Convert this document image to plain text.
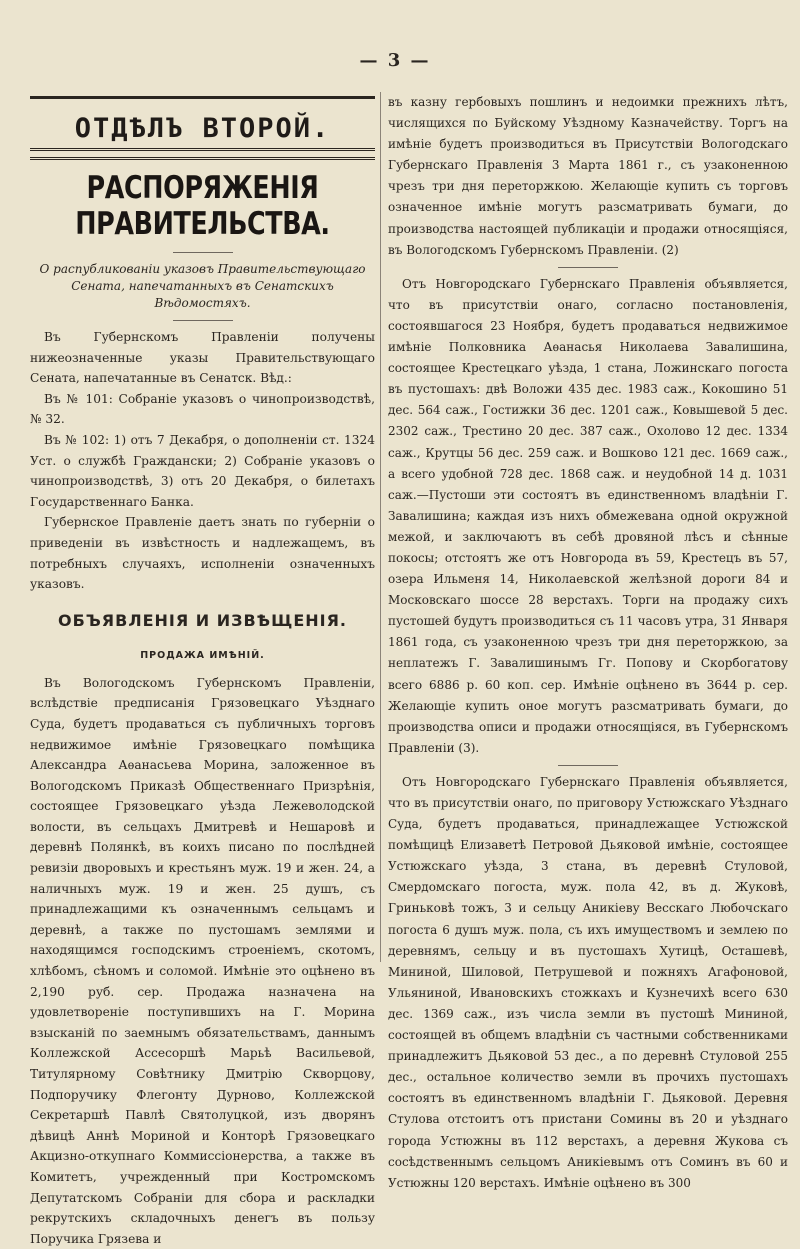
— 3 —
ОТДѢЛЪ ВТОРОЙ.
РАСПОРЯЖЕНІЯ ПРАВИТЕЛЬСТВА.
О распубликованіи указовъ Правительствующаго Сената, напечатанныхъ въ Сенатскихъ Вѣдомостяхъ.

Въ Губернскомъ Правленіи получены нижеозначенные указы Правительствующаго Сената, напечатанные въ Сенатск. Вѣд.:

Въ № 101: Собраніе указовъ о чинопроизводствѣ, № 32.

Въ № 102: 1) отъ 7 Декабря, о дополненіи ст. 1324 Уст. о службѣ Граждански; 2) Собраніе указовъ о чинопроизводствѣ, 3) отъ 20 Декабря, о билетахъ Государственнаго Банка.

Губернское Правленіе даетъ знать по губерніи о приведеніи въ извѣстность и надлежащемъ, въ потребныхъ случаяхъ, исполненіи означенныхъ указовъ.

ОБЪЯВЛЕНІЯ И ИЗВѢЩЕНІЯ.
ПРОДАЖА ИМѢНІЙ.

Въ Вологодскомъ Губернскомъ Правленіи, вслѣдствіе предписанія Грязовецкаго Уѣзднаго Суда, будетъ продаваться съ публичныхъ торговъ недвижимое имѣніе Грязовецкаго помѣщика Александра Аѳанасьева Морина, заложенное въ Вологодскомъ Приказѣ Общественнаго Призрѣнія, состоящее Грязовецкаго уѣзда Лежеволодской волости, въ сельцахъ Дмитревѣ и Нешаровѣ и деревнѣ Полянкѣ, въ коихъ писано по послѣдней ревизіи дворовыхъ и крестьянъ муж. 19 и жен. 24, а наличныхъ муж. 19 и жен. 25 душъ, съ принадлежащими къ означеннымъ сельцамъ и деревнѣ, а также по пустошамъ землями и находящимся господскимъ строеніемъ, скотомъ, хлѣбомъ, сѣномъ и соломой. Имѣніе это оцѣнено въ 2,190 руб. сер. Продажа назначена на удовлетвореніе поступившихъ на Г. Морина взысканій по заемнымъ обязательствамъ, даннымъ Коллежской Ассесоршѣ Марьѣ Васильевой, Титулярному Совѣтнику Дмитрію Скворцову, Подпоручику Флегонту Дурново, Коллежской Секретаршѣ Павлѣ Святолуцкой, изъ дворянъ дѣвицѣ Аннѣ Мориной и Конторѣ Грязовецкаго Акцизно-откупнаго Коммиссіонерства, а также въ Комитетъ, учрежденный при Костромскомъ Депутатскомъ Собраніи для сбора и раскладки рекрутскихъ складочныхъ денегъ въ пользу Поручика Грязева и

въ казну гербовыхъ пошлинъ и недоимки прежнихъ лѣтъ, числящихся по Буйскому Уѣздному Казначейству. Торгъ на имѣніе будетъ производиться въ Присутствіи Вологодскаго Губернскаго Правленія 3 Марта 1861 г., съ узаконенною чрезъ три дня переторжкою. Желающіе купить съ торговъ означенное имѣніе могутъ разсматривать бумаги, до производства настоящей публикаціи и продажи относящіяся, въ Вологодскомъ Губернскомъ Правленіи. (2)

Отъ Новгородскаго Губернскаго Правленія объявляется, что въ присутствіи онаго, согласно постановленія, состоявшагося 23 Ноября, будетъ продаваться недвижимое имѣніе Полковника Аѳанасья Николаева Завалишина, состоящее Крестецкаго уѣзда, 1 стана, Ложинскаго погоста въ пустошахъ: двѣ Воложи 435 дес. 1983 саж., Кокошино 51 дес. 564 саж., Гостижки 36 дес. 1201 саж., Ковышевой 5 дес. 2302 саж., Трестино 20 дес. 387 саж., Охолово 12 дес. 1334 саж., Крутцы 56 дес. 259 саж. и Вошково 121 дес. 1669 саж., а всего удобной 728 дес. 1868 саж. и неудобной 14 д. 1031 саж.—Пустоши эти состоятъ въ единственномъ владѣніи Г. Завалишина; каждая изъ нихъ обмежевана одной окружной межой, и заключаютъ въ себѣ дровяной лѣсъ и сѣнные покосы; отстоятъ же отъ Новгорода въ 59, Крестецъ въ 57, озера Ильменя 14, Николаевской желѣзной дороги 84 и Московскаго шоссе 28 верстахъ. Торги на продажу сихъ пустошей будутъ производиться съ 11 часовъ утра, 31 Января 1861 года, съ узаконенною чрезъ три дня переторжкою, за неплатежъ Г. Завалишинымъ Гг. Попову и Скорбогатову всего 6886 р. 60 коп. сер. Имѣніе оцѣнено въ 3644 р. сер. Желающіе купить оное могутъ разсматривать бумаги, до производства описи и продажи относящіяся, въ Губернскомъ Правленіи (3).

Отъ Новгородскаго Губернскаго Правленія объявляется, что въ присутствіи онаго, по приговору Устюжскаго Уѣзднаго Суда, будетъ продаваться, принадлежащее Устюжской помѣщицѣ Елизаветѣ Петровой Дьяковой имѣніе, состоящее Устюжскаго уѣзда, 3 стана, въ деревнѣ Стуловой, Смердомскаго погоста, муж. пола 42, въ д. Жуковѣ, Гриньковѣ тожъ, 3 и сельцу Аникіеву Весскаго Любочскаго погоста 6 душъ муж. пола, съ ихъ имуществомъ и землею по деревнямъ, сельцу и въ пустошахъ Хутицѣ, Осташевѣ, Мининой, Шиловой, Петрушевой и пожняхъ Агафоновой, Ульяниной, Ивановскихъ стожкахъ и Кузнечихѣ всего 630 дес. 1369 саж., изъ числа земли въ пустошѣ Мининой, состоящей въ общемъ владѣніи съ частными собственниками принадлежитъ Дьяковой 53 дес., а по деревнѣ Стуловой 255 дес., остальное количество земли въ прочихъ пустошахъ состоятъ въ единственномъ владѣніи Г. Дьяковой. Деревня Стулова отстоитъ отъ пристани Сомины въ 20 и уѣзднаго города Устюжны въ 112 верстахъ, а деревня Жукова съ сосѣдственнымъ сельцомъ Аникіевымъ отъ Соминъ въ 60 и Устюжны 120 верстахъ. Имѣніе оцѣнено въ 300
